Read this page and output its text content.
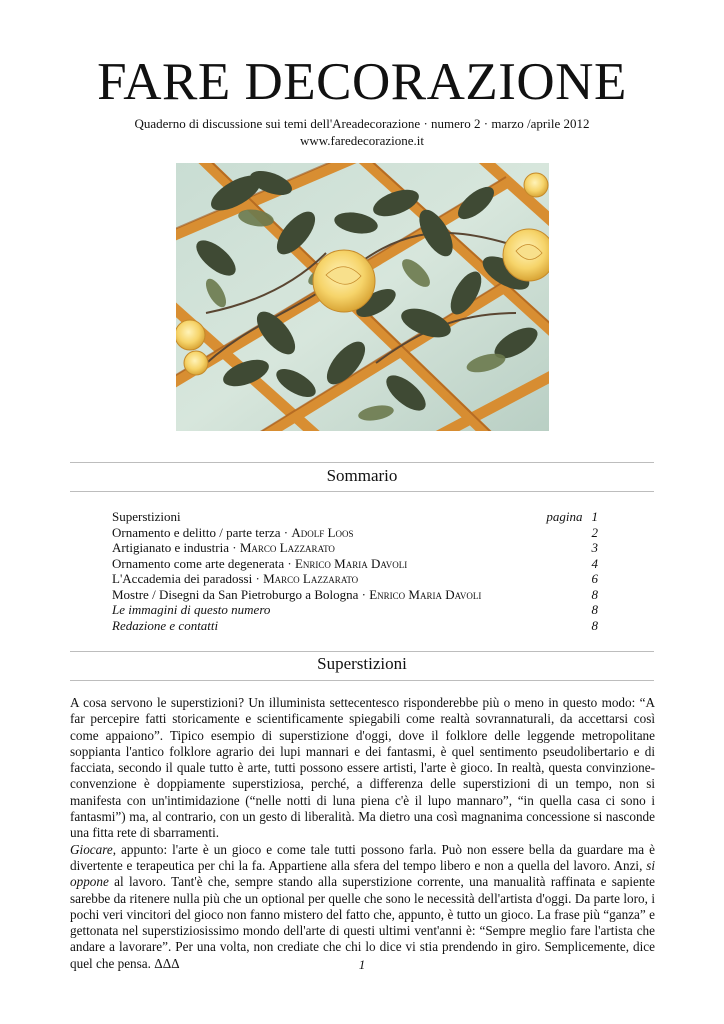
FARE DECORAZIONE
Quaderno di discussione sui temi dell'Areadecorazione · numero 2 · marzo /aprile 2012
www.faredecorazione.it
Sommario
Superstizioni	pagina 1
Ornamento e delitto / parte terza · Adolf Loos	2
Artigianato e industria · Marco Lazzarato	3
Ornamento come arte degenerata · Enrico Maria Davoli	4
L'Accademia dei paradossi · Marco Lazzarato	6
Mostre / Disegni da San Pietroburgo a Bologna · Enrico Maria Davoli	8
Le immagini di questo numero	8
Redazione e contatti	8
Superstizioni

A cosa servono le superstizioni? Un illuminista settecentesco risponderebbe più o meno in questo modo: “A far percepire fatti storicamente e scientificamente spiegabili come realtà sovrannaturali, da accettarsi così come appaiono”. Tipico esempio di superstizione d'oggi, dove il folklore delle leggende metropolitane soppianta l'antico folklore agrario dei lupi mannari e dei fantasmi, è quel sentimento pseudolibertario e di facciata, secondo il quale tutto è arte, tutti possono essere artisti, l'arte è gioco. In realtà, questa convinzione-convenzione è doppiamente superstiziosa, perché, a differenza delle superstizioni di un tempo, non si manifesta con un'intimidazione (“nelle notti di luna piena c'è il lupo mannaro”, “in quella casa ci sono i fantasmi”) ma, al contrario, con un gesto di liberalità. Ma dietro una così magnanima concessione si nasconde una fitta rete di sbarramenti.

Giocare, appunto: l'arte è un gioco e come tale tutti possono farla. Può non essere bella da guardare ma è divertente e terapeutica per chi la fa. Appartiene alla sfera del tempo libero e non a quella del lavoro. Anzi, si oppone al lavoro. Tant'è che, sempre stando alla superstizione corrente, una manualità raffinata e sapiente sarebbe da ritenere nulla più che un optional per quelle che sono le necessità dell'artista d'oggi. Da parte loro, i pochi veri vincitori del gioco non fanno mistero del fatto che, appunto, è tutto un gioco. La frase più “ganza” e gettonata nel superstiziosissimo mondo dell'arte di questi ultimi vent'anni è: “Sempre meglio fare l'artista che andare a lavorare”. Per una volta, non crediate che chi lo dice vi stia prendendo in giro. Semplicemente, dice quel che pensa. ΔΔΔ	1
